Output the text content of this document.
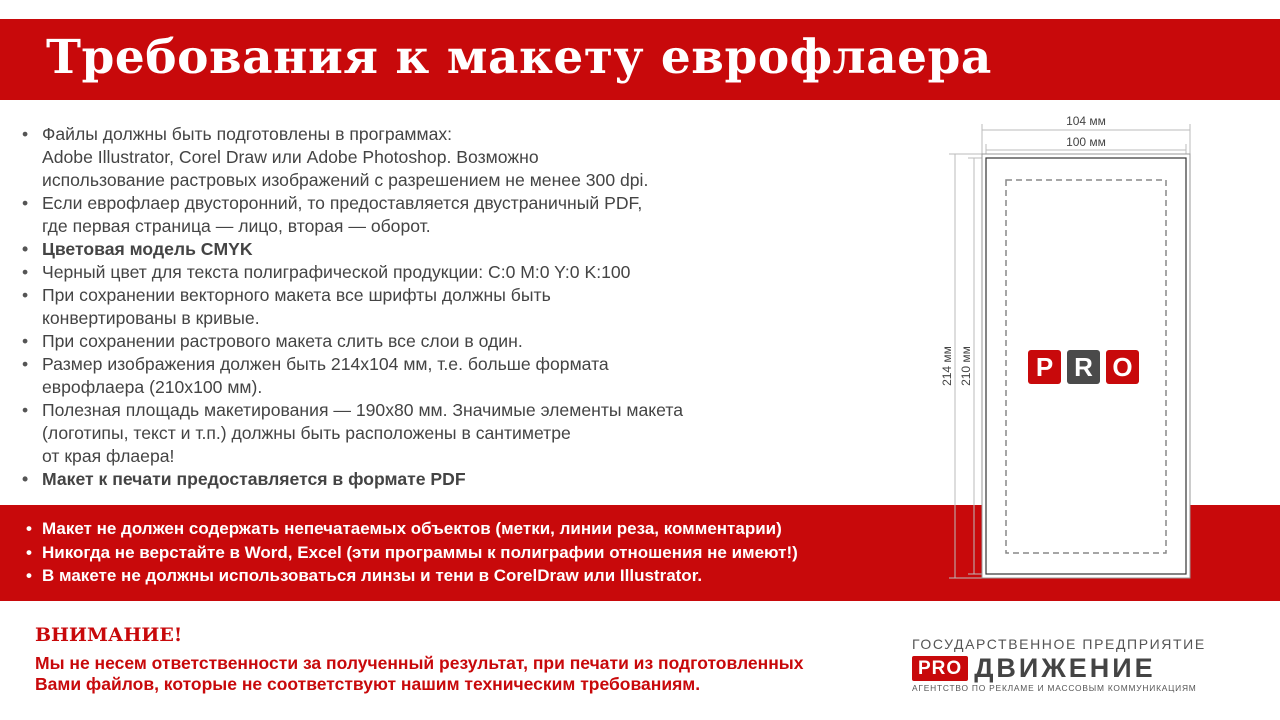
Требования к макету еврофлаера
• Файлы должны быть подготовлены в программах:
Adobe Illustrator, Corel Draw или Adobe Photoshop. Возможно
использование растровых изображений с разрешением не менее 300 dpi.
• Если еврофлаер двусторонний, то предоставляется двустраничный PDF,
где первая страница — лицо, вторая — оборот.
• Цветовая модель CMYK
• Черный цвет для текста полиграфической продукции: C:0 M:0 Y:0 K:100
• При сохранении векторного макета все шрифты должны быть
конвертированы в кривые.
• При сохранении растрового макета слить все слои в один.
• Размер изображения должен быть 214х104 мм, т.е. больше формата
еврофлаера (210х100 мм).
• Полезная площадь макетирования — 190х80 мм. Значимые элементы макета
(логотипы, текст и т.п.) должны быть расположены в сантиметре
от края флаера!
• Макет к печати предоставляется в формате PDF
• Макет не должен содержать непечатаемых объектов (метки, линии реза, комментарии)
• Никогда не верстайте в Word, Excel (эти программы к полиграфии отношения не имеют!)
• В макете не должны использоваться линзы и тени в CorelDraw или Illustrator.
104 мм
100 мм
214 мм 210 мм P R O
ВНИМАНИЕ!

Мы не несем ответственности за полученный результат, при печати из подготовленных
Вами файлов, которые не соответствуют нашим техническим требованиям.

ГОСУДАРСТВЕННОЕ ПРЕДПРИЯТИЕ
PRO ДВИЖЕНИЕ
АГЕНТСТВО ПО РЕКЛАМЕ И МАССОВЫМ КОММУНИКАЦИЯМ
